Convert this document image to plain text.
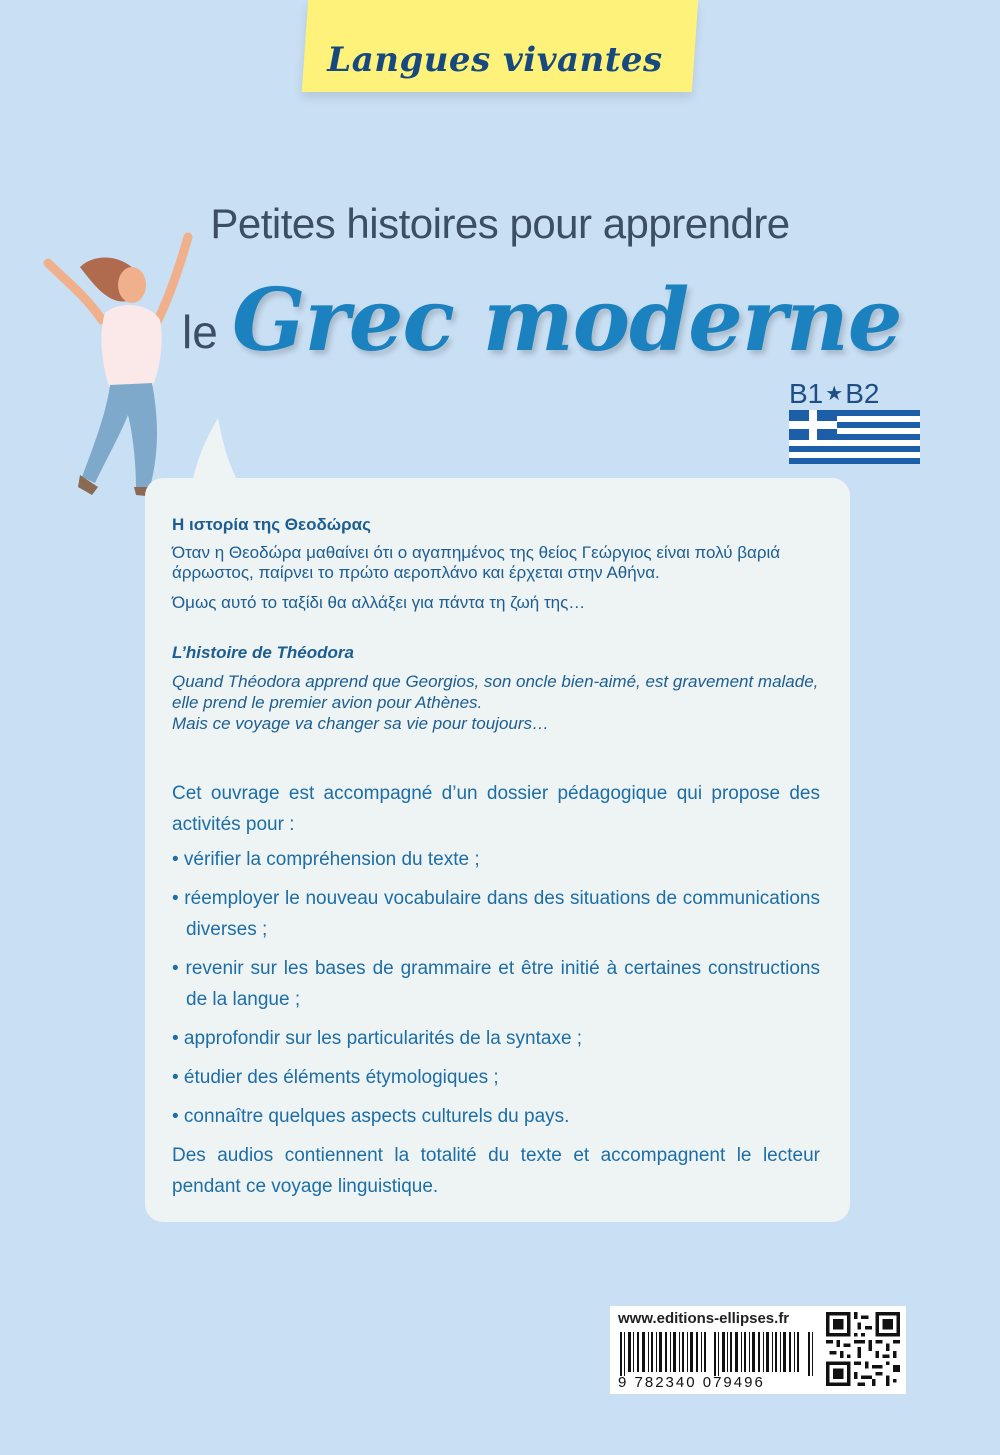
Langues vivantes
Petites histoires pour apprendre
le Grec moderne
B1 ★B2

Η ιστορία της Θεοδώρας

Όταν η Θεοδώρα μαθαίνει ότι ο αγαπημένος της θείος Γεώργιος είναι πολύ βαριά άρρωστος, παίρνει το πρώτο αεροπλάνο και έρχεται στην Αθήνα.

Όμως αυτό το ταξίδι θα αλλάξει για πάντα τη ζωή της…

L’histoire de Théodora

Quand Théodora apprend que Georgios, son oncle bien-aimé, est gravement malade, elle prend le premier avion pour Athènes.

Mais ce voyage va changer sa vie pour toujours…

Cet ouvrage est accompagné d’un dossier pédagogique qui propose des activités pour :

• vérifier la compréhension du texte ;
• réemployer le nouveau vocabulaire dans des situations de communications diverses ;
• revenir sur les bases de grammaire et être initié à certaines constructions de la langue ;
• approfondir sur les particularités de la syntaxe ;
• étudier des éléments étymologiques ;
• connaître quelques aspects culturels du pays.

Des audios contiennent la totalité du texte et accompagnent le lecteur pendant ce voyage linguistique.

www.editions-ellipses.fr
9 782340 079496
